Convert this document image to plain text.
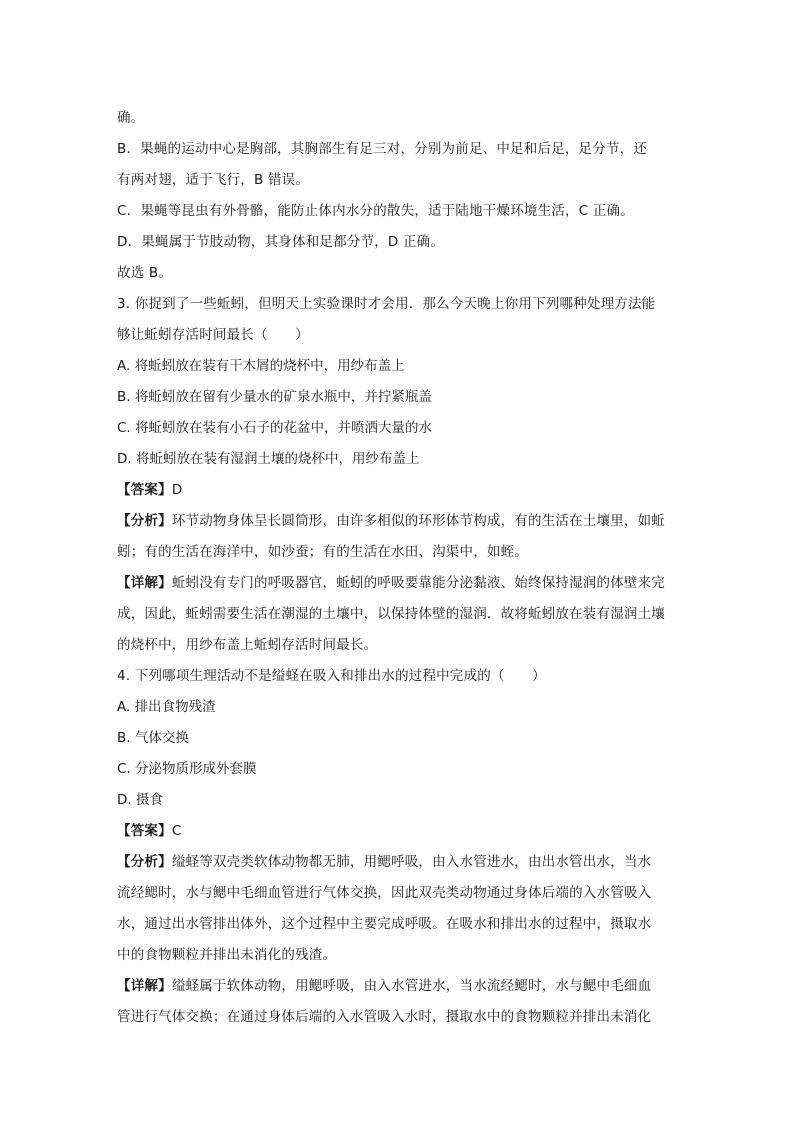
确。
B．果蝇的运动中心是胸部，其胸部生有足三对，分别为前足、中足和后足，足分节，还
有两对翅，适于飞行，B 错误。
C．果蝇等昆虫有外骨骼，能防止体内水分的散失，适于陆地干燥环境生活，C 正确。
D．果蝇属于节肢动物，其身体和足都分节，D 正确。
故选 B。
3. 你捉到了一些蚯蚓，但明天上实验课时才会用．那么今天晚上你用下列哪种处理方法能
够让蚯蚓存活时间最长（　　）
A. 将蚯蚓放在装有干木屑的烧杯中，用纱布盖上
B. 将蚯蚓放在留有少量水的矿泉水瓶中，并拧紧瓶盖
C. 将蚯蚓放在装有小石子的花盆中，并喷洒大量的水
D. 将蚯蚓放在装有湿润土壤的烧杯中，用纱布盖上
【答案】D
【分析】环节动物身体呈长圆筒形，由许多相似的环形体节构成，有的生活在土壤里，如蚯
蚓；有的生活在海洋中，如沙蚕；有的生活在水田、沟渠中，如蛭。
【详解】蚯蚓没有专门的呼吸器官，蚯蚓的呼吸要靠能分泌黏液、始终保持湿润的体壁来完
成，因此，蚯蚓需要生活在潮湿的土壤中，以保持体壁的湿润．故将蚯蚓放在装有湿润土壤
的烧杯中，用纱布盖上蚯蚓存活时间最长。
4. 下列哪项生理活动不是缢蛏在吸入和排出水的过程中完成的（　　）
A. 排出食物残渣
B. 气体交换
C. 分泌物质形成外套膜
D. 摄食
【答案】C
【分析】缢蛏等双壳类软体动物都无肺，用鳃呼吸，由入水管进水，由出水管出水，当水
流经鳃时，水与鳃中毛细血管进行气体交换，因此双壳类动物通过身体后端的入水管吸入
水，通过出水管排出体外，这个过程中主要完成呼吸。在吸水和排出水的过程中，摄取水
中的食物颗粒并排出未消化的残渣。
【详解】缢蛏属于软体动物，用鳃呼吸，由入水管进水，当水流经鳃时，水与鳃中毛细血
管进行气体交换；在通过身体后端的入水管吸入水时，摄取水中的食物颗粒并排出未消化
